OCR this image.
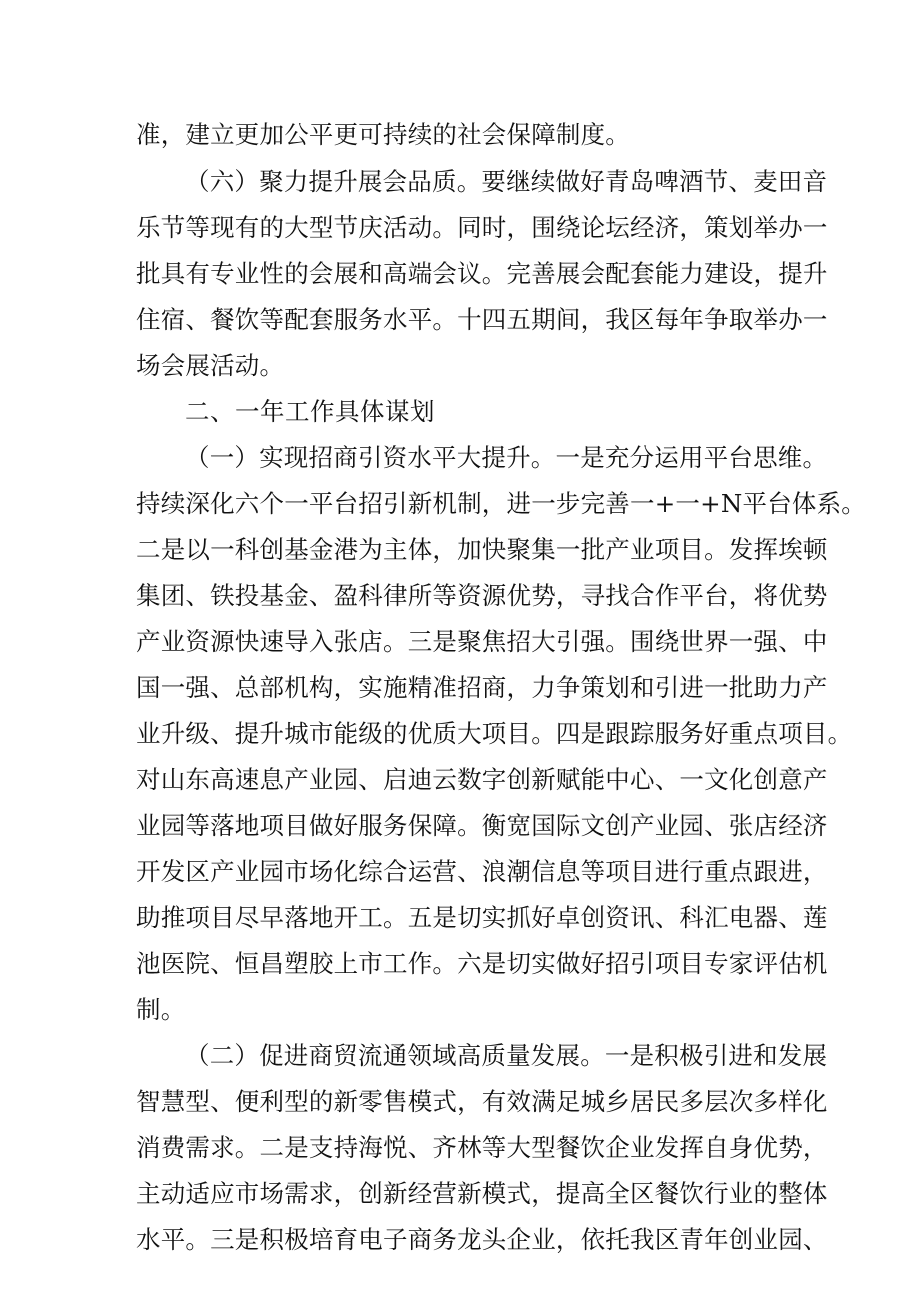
准，建立更加公平更可持续的社会保障制度。
（六）聚力提升展会品质。要继续做好青岛啤酒节、麦田音
乐节等现有的大型节庆活动。同时，围绕论坛经济，策划举办一
批具有专业性的会展和高端会议。完善展会配套能力建设，提升
住宿、餐饮等配套服务水平。十四五期间，我区每年争取举办一
场会展活动。
二、一年工作具体谋划
（一）实现招商引资水平大提升。一是充分运用平台思维。
持续深化六个一平台招引新机制，进一步完善一+一+N平台体系。
二是以一科创基金港为主体，加快聚集一批产业项目。发挥埃顿
集团、铁投基金、盈科律所等资源优势，寻找合作平台，将优势
产业资源快速导入张店。三是聚焦招大引强。围绕世界一强、中
国一强、总部机构，实施精准招商，力争策划和引进一批助力产
业升级、提升城市能级的优质大项目。四是跟踪服务好重点项目。
对山东高速息产业园、启迪云数字创新赋能中心、一文化创意产
业园等落地项目做好服务保障。衡宽国际文创产业园、张店经济
开发区产业园市场化综合运营、浪潮信息等项目进行重点跟进，
助推项目尽早落地开工。五是切实抓好卓创资讯、科汇电器、莲
池医院、恒昌塑胶上市工作。六是切实做好招引项目专家评估机
制。
（二）促进商贸流通领域高质量发展。一是积极引进和发展
智慧型、便利型的新零售模式，有效满足城乡居民多层次多样化
消费需求。二是支持海悦、齐林等大型餐饮企业发挥自身优势，
主动适应市场需求，创新经营新模式，提高全区餐饮行业的整体
水平。三是积极培育电子商务龙头企业，依托我区青年创业园、
